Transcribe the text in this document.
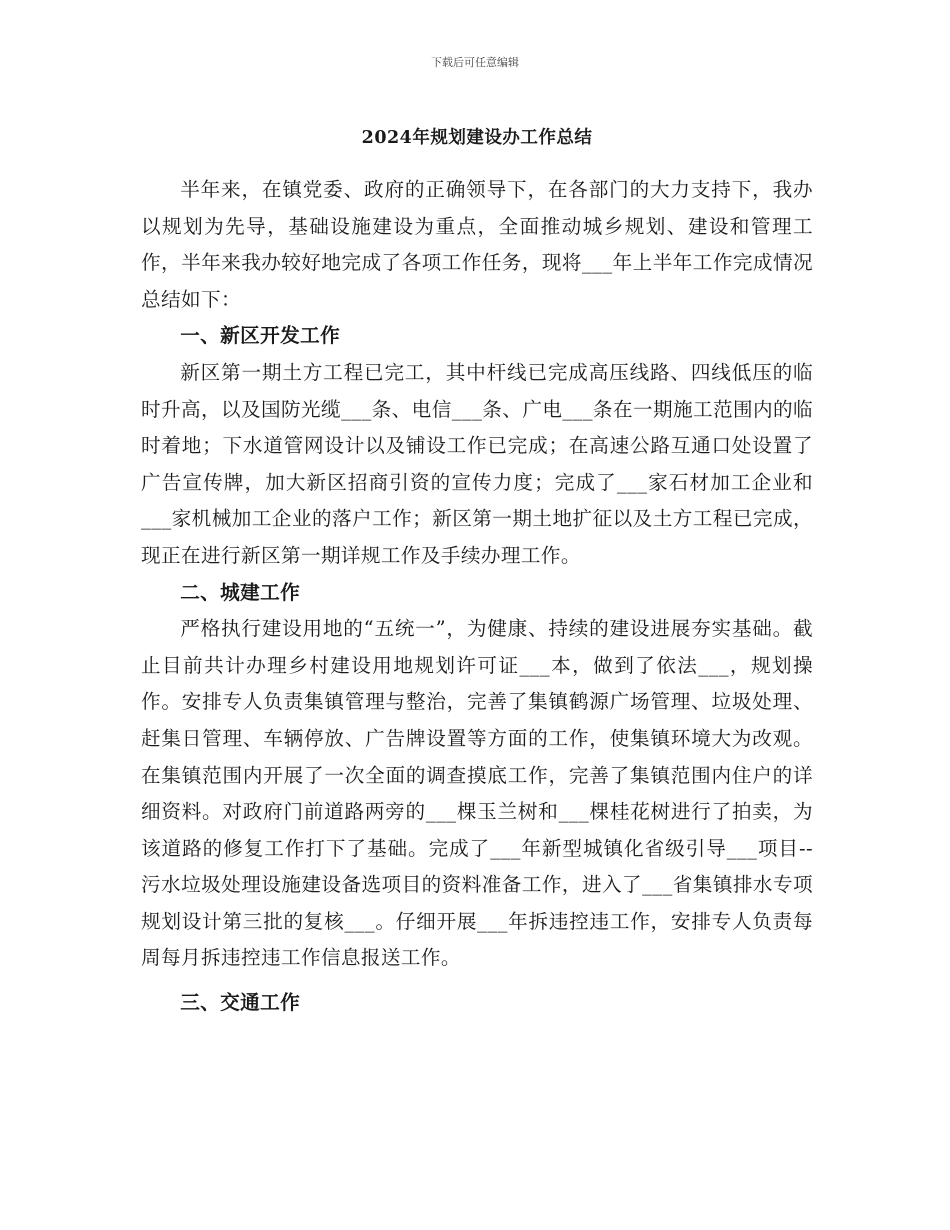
下载后可任意编辑
2024年规划建设办工作总结

半年来，在镇党委、政府的正确领导下，在各部门的大力支持下，我办以规划为先导，基础设施建设为重点，全面推动城乡规划、建设和管理工作，半年来我办较好地完成了各项工作任务，现将___年上半年工作完成情况总结如下：

一、新区开发工作

新区第一期土方工程已完工，其中杆线已完成高压线路、四线低压的临时升高，以及国防光缆___条、电信___条、广电___条在一期施工范围内的临时着地；下水道管网设计以及铺设工作已完成；在高速公路互通口处设置了广告宣传牌，加大新区招商引资的宣传力度；完成了___家石材加工企业和___家机械加工企业的落户工作；新区第一期土地扩征以及土方工程已完成，现正在进行新区第一期详规工作及手续办理工作。

二、城建工作

严格执行建设用地的“五统一”，为健康、持续的建设进展夯实基础。截止目前共计办理乡村建设用地规划许可证___本，做到了依法___，规划操作。安排专人负责集镇管理与整治，完善了集镇鹤源广场管理、垃圾处理、赶集日管理、车辆停放、广告牌设置等方面的工作，使集镇环境大为改观。在集镇范围内开展了一次全面的调查摸底工作，完善了集镇范围内住户的详细资料。对政府门前道路两旁的___棵玉兰树和___棵桂花树进行了拍卖，为该道路的修复工作打下了基础。完成了___年新型城镇化省级引导___项目--污水垃圾处理设施建设备选项目的资料准备工作，进入了___省集镇排水专项规划设计第三批的复核___。仔细开展___年拆违控违工作，安排专人负责每周每月拆违控违工作信息报送工作。

三、交通工作
